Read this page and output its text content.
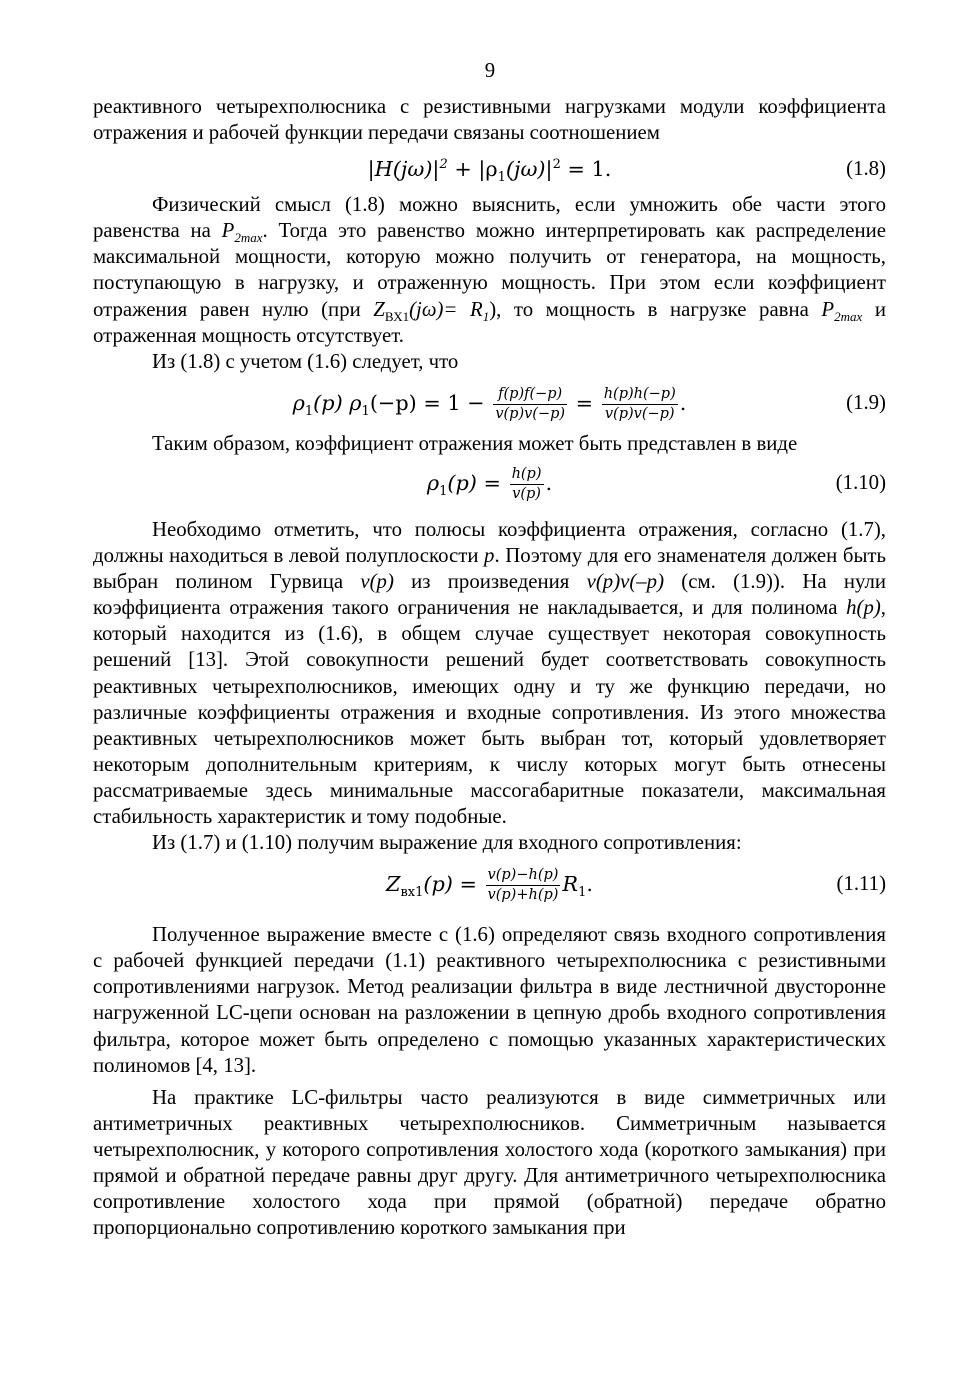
9

реактивного четырехполюсника с резистивными нагрузками модули коэффициента отражения и рабочей функции передачи связаны соотношением

$|H(j\omega)|^2 + |\rho_1(j\omega)|^2 = 1$.	(1.8)

Физический смысл (1.8) можно выяснить, если умножить обе части этого равенства на $P_{2max}$. Тогда это равенство можно интерпретировать как распределение максимальной мощности, которую можно получить от генератора, на мощность, поступающую в нагрузку, и отраженную мощность. При этом если коэффициент отражения равен нулю (при $Z_{ВХ1}(j\omega)= R_1$), то мощность в нагрузке равна $P_{2max}$ и отраженная мощность отсутствует.

Из (1.8) с учетом (1.6) следует, что

$\rho_1(p) \rho_1(-p) = 1 - \frac{f(p)f(-p)}{v(p)v(-p)} = \frac{h(p)h(-p)}{v(p)v(-p)}$ .	(1.9)

Таким образом, коэффициент отражения может быть представлен в виде

$\rho_1(p) = \frac{h(p)}{v(p)}$ .	(1.10)

Необходимо отметить, что полюсы коэффициента отражения, согласно (1.7), должны находиться в левой полуплоскости p. Поэтому для его знаменателя должен быть выбран полином Гурвица v(p) из произведения v(p)v(–p) (см. (1.9)). На нули коэффициента отражения такого ограничения не накладывается, и для полинома h(p), который находится из (1.6), в общем случае существует некоторая совокупность решений [13]. Этой совокупности решений будет соответствовать совокупность реактивных четырехполюсников, имеющих одну и ту же функцию передачи, но различные коэффициенты отражения и входные сопротивления. Из этого множества реактивных четырехполюсников может быть выбран тот, который удовлетворяет некоторым дополнительным критериям, к числу которых могут быть отнесены рассматриваемые здесь минимальные массогабаритные показатели, максимальная стабильность характеристик и тому подобные.

Из (1.7) и (1.10) получим выражение для входного сопротивления:

$Z_{вх1}(p) = \frac{v(p)-h(p)}{v(p)+h(p)} R_1$.	(1.11)

Полученное выражение вместе с (1.6) определяют связь входного сопротивления с рабочей функцией передачи (1.1) реактивного четырехполюсника с резистивными сопротивлениями нагрузок. Метод реализации фильтра в виде лестничной двусторонне нагруженной LC-цепи основан на разложении в цепную дробь входного сопротивления фильтра, которое может быть определено с помощью указанных характеристических полиномов [4, 13].

На практике LC-фильтры часто реализуются в виде симметричных или антиметричных реактивных четырехполюсников. Симметричным называется четырехполюсник, у которого сопротивления холостого хода (короткого замыкания) при прямой и обратной передаче равны друг другу. Для антиметричного четырехполюсника сопротивление холостого хода при прямой (обратной) передаче обратно пропорционально сопротивлению короткого замыкания при
